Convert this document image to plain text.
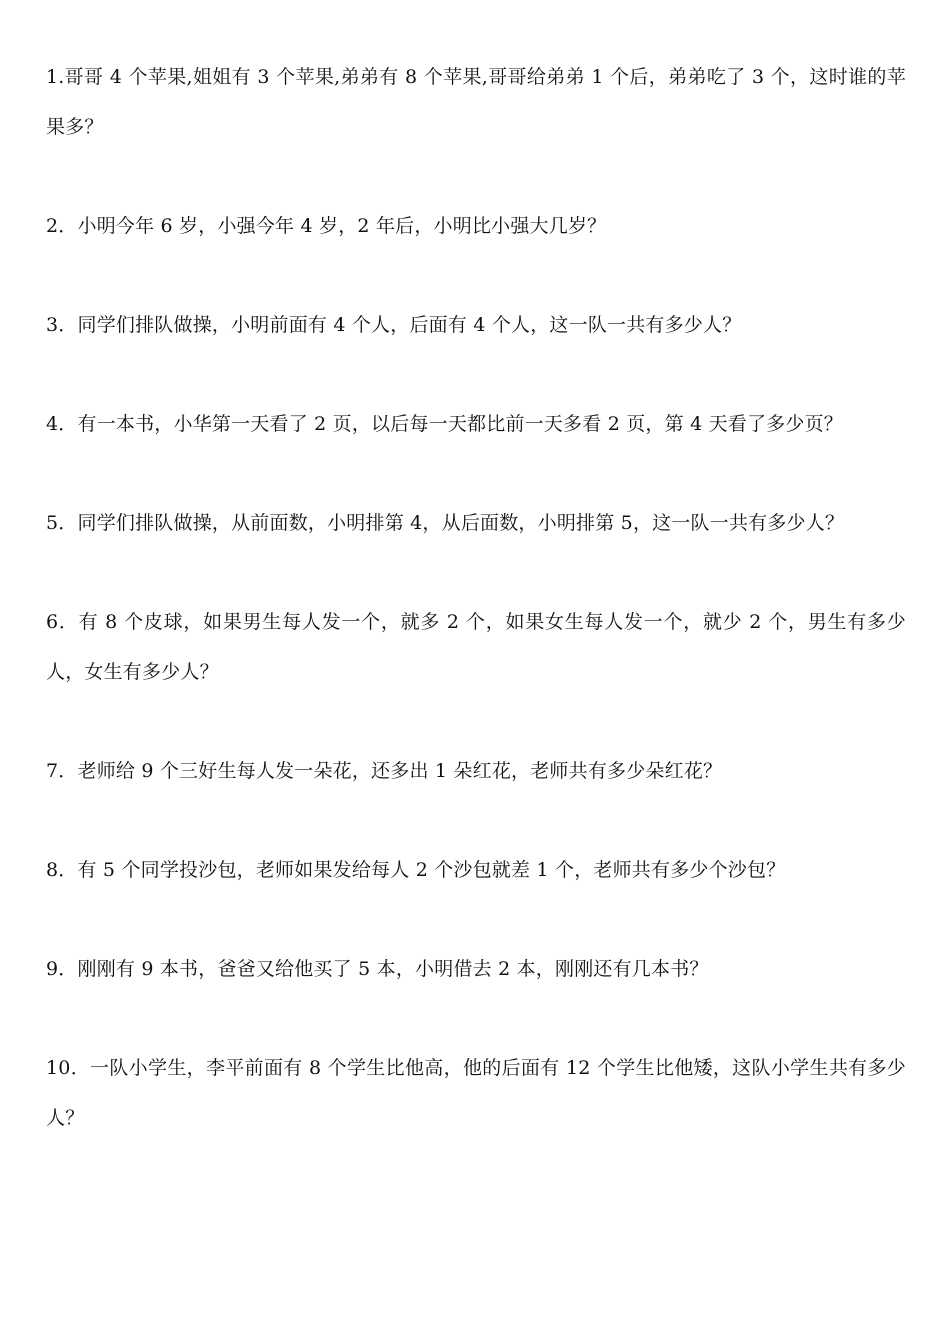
1.哥哥 4 个苹果,姐姐有 3 个苹果,弟弟有 8 个苹果,哥哥给弟弟 1 个后，弟弟吃了 3 个，这时谁的苹果多？

2．小明今年 6 岁，小强今年 4 岁，2 年后，小明比小强大几岁？

3．同学们排队做操，小明前面有 4 个人，后面有 4 个人，这一队一共有多少人？

4．有一本书，小华第一天看了 2 页，以后每一天都比前一天多看 2 页，第 4 天看了多少页？

5．同学们排队做操，从前面数，小明排第 4，从后面数，小明排第 5，这一队一共有多少人？

6．有 8 个皮球，如果男生每人发一个，就多 2 个，如果女生每人发一个，就少 2 个，男生有多少人，女生有多少人？

7．老师给 9 个三好生每人发一朵花，还多出 1 朵红花，老师共有多少朵红花？

8．有 5 个同学投沙包，老师如果发给每人 2 个沙包就差 1 个，老师共有多少个沙包？

9．刚刚有 9 本书，爸爸又给他买了 5 本，小明借去 2 本，刚刚还有几本书？

10．一队小学生，李平前面有 8 个学生比他高，他的后面有 12 个学生比他矮，这队小学生共有多少人？
